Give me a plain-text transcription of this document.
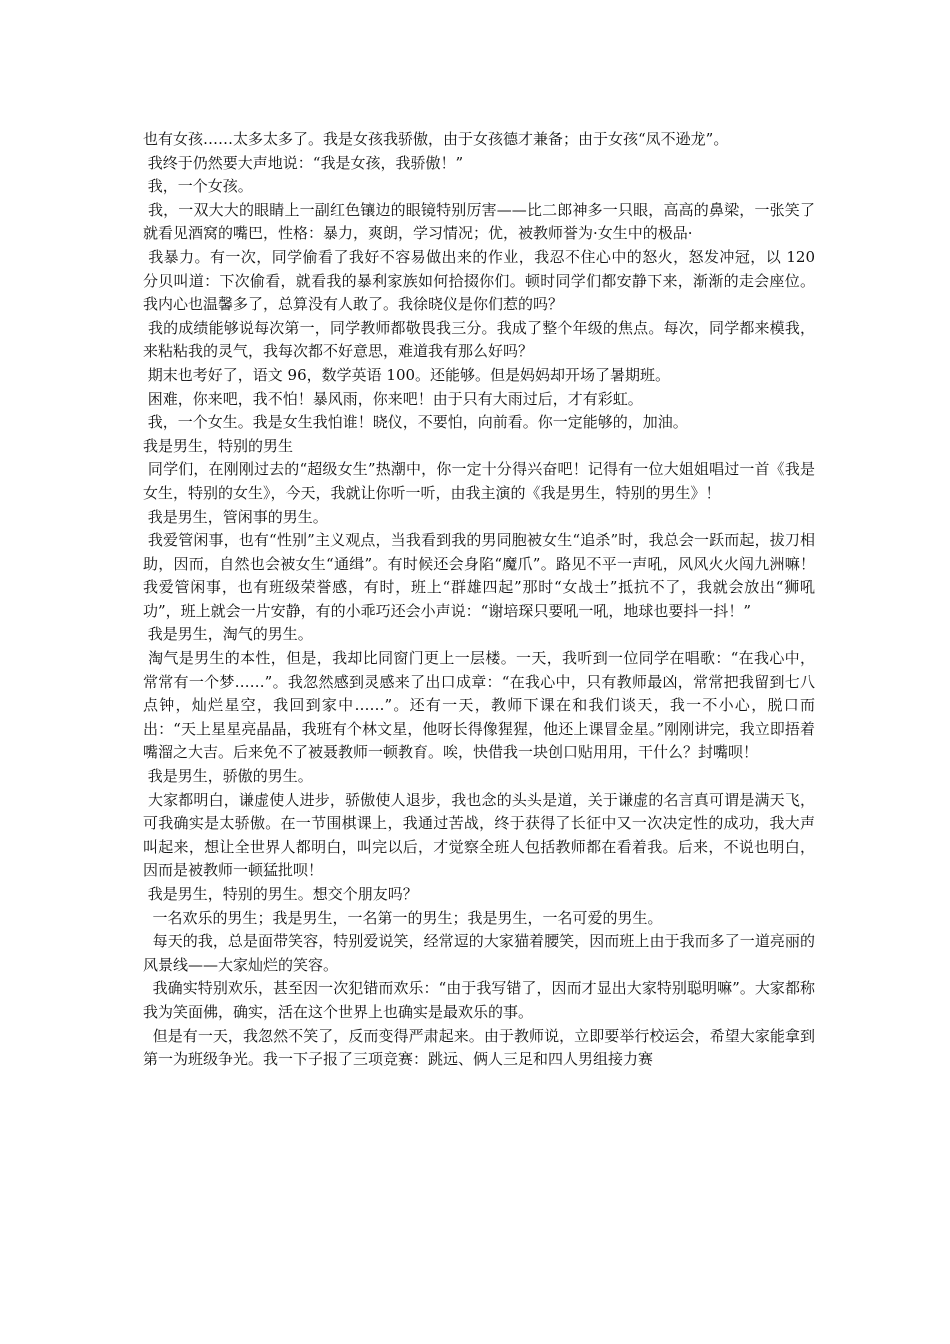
也有女孩……太多太多了。我是女孩我骄傲，由于女孩德才兼备；由于女孩“凤不逊龙”。

我终于仍然要大声地说：“我是女孩，我骄傲！”

我，一个女孩。

我，一双大大的眼睛上一副红色镶边的眼镜特别厉害——比二郎神多一只眼，高高的鼻梁，一张笑了就看见酒窝的嘴巴，性格：暴力，爽朗，学习情况；优，被教师誉为·女生中的极品·

我暴力。有一次，同学偷看了我好不容易做出来的作业，我忍不住心中的怒火，怒发冲冠，以 120 分贝叫道：下次偷看，就看我的暴利家族如何拾掇你们。顿时同学们都安静下来，渐渐的走会座位。我内心也温馨多了，总算没有人敢了。我徐晓仪是你们惹的吗？

我的成绩能够说每次第一，同学教师都敬畏我三分。我成了整个年级的焦点。每次，同学都来模我，来粘粘我的灵气，我每次都不好意思，难道我有那么好吗？

期末也考好了，语文 96，数学英语 100。还能够。但是妈妈却开场了暑期班。

困难，你来吧，我不怕！暴风雨，你来吧！由于只有大雨过后，才有彩虹。

我，一个女生。我是女生我怕谁！晓仪，不要怕，向前看。你一定能够的，加油。

我是男生，特别的男生

同学们，在刚刚过去的“超级女生”热潮中，你一定十分得兴奋吧！记得有一位大姐姐唱过一首《我是女生，特别的女生》，今天，我就让你听一听，由我主演的《我是男生，特别的男生》！

我是男生，管闲事的男生。

我爱管闲事，也有“性别”主义观点，当我看到我的男同胞被女生“追杀”时，我总会一跃而起，拔刀相助，因而，自然也会被女生“通缉”。有时候还会身陷“魔爪”。路见不平一声吼，风风火火闯九洲嘛！我爱管闲事，也有班级荣誉感，有时，班上“群雄四起”那时“女战士”抵抗不了，我就会放出“狮吼功”，班上就会一片安静，有的小乖巧还会小声说：“谢培琛只要吼一吼，地球也要抖一抖！”

我是男生，淘气的男生。

淘气是男生的本性，但是，我却比同窗门更上一层楼。一天，我听到一位同学在唱歌：“在我心中，常常有一个梦……”。我忽然感到灵感来了出口成章：“在我心中，只有教师最凶，常常把我留到七八点钟，灿烂星空，我回到家中……”。还有一天，教师下课在和我们谈天，我一不小心，脱口而出：“天上星星亮晶晶，我班有个林文星，他呀长得像猩猩，他还上课冒金星。”刚刚讲完，我立即捂着嘴溜之大吉。后来免不了被聂教师一顿教育。唉，快借我一块创口贴用用，干什么？封嘴呗！

我是男生，骄傲的男生。

大家都明白，谦虚使人进步，骄傲使人退步，我也念的头头是道，关于谦虚的名言真可谓是满天飞，可我确实是太骄傲。在一节围棋课上，我通过苦战，终于获得了长征中又一次决定性的成功，我大声叫起来，想让全世界人都明白，叫完以后，才觉察全班人包括教师都在看着我。后来，不说也明白，因而是被教师一顿猛批呗！

我是男生，特别的男生。想交个朋友吗？

一名欢乐的男生；我是男生，一名第一的男生；我是男生，一名可爱的男生。

每天的我，总是面带笑容，特别爱说笑，经常逗的大家猫着腰笑，因而班上由于我而多了一道亮丽的风景线——大家灿烂的笑容。

我确实特别欢乐，甚至因一次犯错而欢乐：“由于我写错了，因而才显出大家特别聪明嘛”。大家都称我为笑面佛，确实，活在这个世界上也确实是最欢乐的事。

但是有一天，我忽然不笑了，反而变得严肃起来。由于教师说，立即要举行校运会，希望大家能拿到第一为班级争光。我一下子报了三项竞赛：跳远、俩人三足和四人男组接力赛
